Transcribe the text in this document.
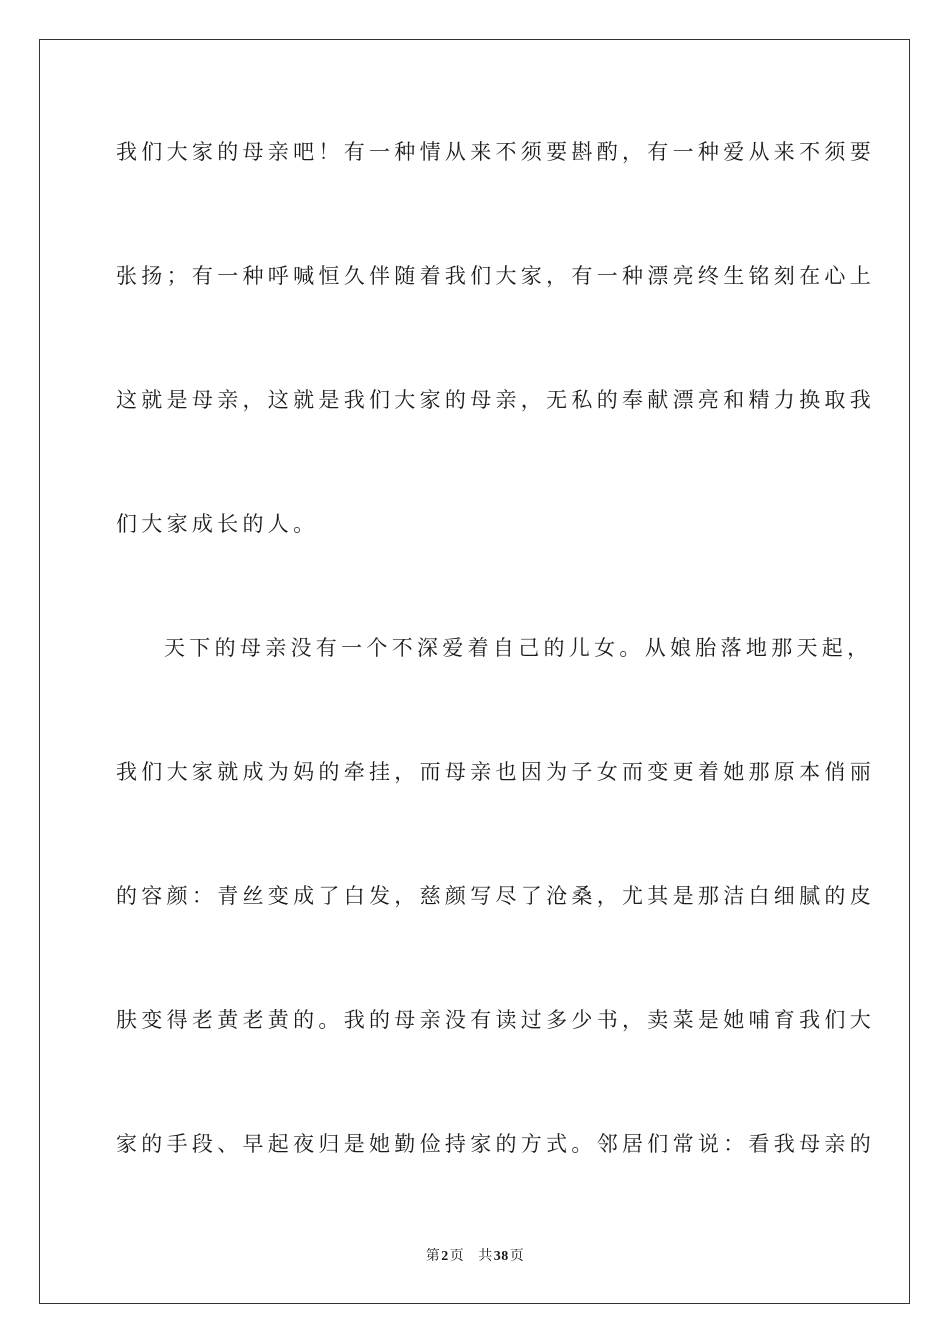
我们大家的母亲吧！有一种情从来不须要斟酌，有一种爱从来不须要
张扬；有一种呼喊恒久伴随着我们大家，有一种漂亮终生铭刻在心上
这就是母亲，这就是我们大家的母亲，无私的奉献漂亮和精力换取我
们大家成长的人。
天下的母亲没有一个不深爱着自己的儿女。从娘胎落地那天起，
我们大家就成为妈的牵挂，而母亲也因为子女而变更着她那原本俏丽
的容颜：青丝变成了白发，慈颜写尽了沧桑，尤其是那洁白细腻的皮
肤变得老黄老黄的。我的母亲没有读过多少书，卖菜是她哺育我们大
家的手段、早起夜归是她勤俭持家的方式。邻居们常说：看我母亲的
第2页 共38页
